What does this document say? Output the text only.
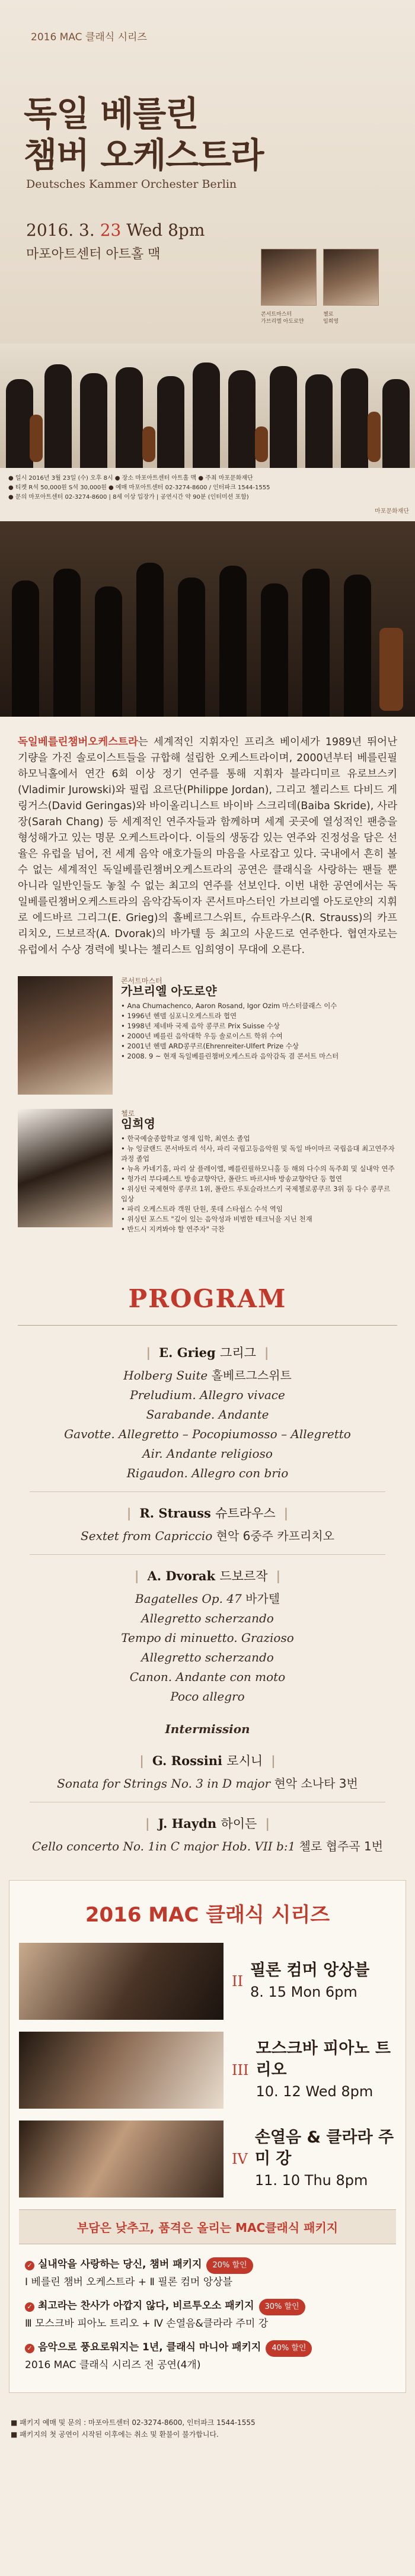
2016 MAC 클래식 시리즈
독일 베를린
챔버 오케스트라
Deutsches Kammer Orchester Berlin
2016. 3. 23 Wed 8pm
마포아트센터 아트홀 맥
콘서트마스터
가브리엘 아도로얀
첼로
임희영
● 일시 2016년 3월 23일 (수) 오후 8시 ● 장소 마포아트센터 아트홀 맥 ● 주최 마포문화재단
● 티켓 R석 50,000원 S석 30,000원 ● 예매 마포아트센터 02-3274-8600 / 인터파크 1544-1555
● 문의 마포아트센터 02-3274-8600 | 8세 이상 입장가 | 공연시간 약 90분 (인터미션 포함)
마포문화재단

독일베를린챔버오케스트라는 세계적인 지휘자인 프리츠 베이세가 1989년 뛰어난 기량을 가진 솔로이스트들을 규합해 설립한 오케스트라이며, 2000년부터 베를린필하모닉홀에서 연간 6회 이상 정기 연주를 통해 지휘자 블라디미르 유로브스키(Vladimir Jurowski)와 필립 요르단(Philippe Jordan), 그리고 첼리스트 다비드 게링거스(David Geringas)와 바이올리니스트 바이바 스크리데(Baiba Skride), 사라 장(Sarah Chang) 등 세계적인 연주자들과 함께하며 세계 곳곳에 열성적인 팬층을 형성해가고 있는 명문 오케스트라이다. 이들의 생동감 있는 연주와 진정성을 담은 선율은 유럽을 넘어, 전 세계 음악 애호가들의 마음을 사로잡고 있다. 국내에서 흔히 볼 수 없는 세계적인 독일베를린챔버오케스트라의 공연은 클래식을 사랑하는 팬들 뿐 아니라 일반인들도 놓칠 수 없는 최고의 연주를 선보인다. 이번 내한 공연에서는 독일베를린챔버오케스트라의 음악감독이자 콘서트마스터인 가브리엘 아도로얀의 지휘로 에드바르 그리그(E. Grieg)의 홀베르그스위트, 슈트라우스(R. Strauss)의 카프리치오, 드보르작(A. Dvorak)의 바가텔 등 최고의 사운드로 연주한다. 협연자로는 유럽에서 수상 경력에 빛나는 첼리스트 임희영이 무대에 오른다.

콘서트마스터
가브리엘 아도로얀
• Ana Chumachenco, Aaron Rosand, Igor Ozim 마스터클래스 이수
• 1996년 헨델 심포니오케스트라 협연
• 1998년 제네바 국제 음악 콩쿠르 Prix Suisse 수상
• 2000년 베를린 음악대학 우등 솔로이스트 학위 수여
• 2001년 헨델 ARD콩쿠르(Ehrenreiter-Ulfert Prize 수상
• 2008. 9 ~ 현재 독일베를린챔버오케스트라 음악감독 겸 콘서트 마스터
첼로
임희영
• 한국예술종합학교 영재 입학, 최연소 졸업
• 뉴 잉글랜드 콘서바토리 석사, 파리 국립고등음악원 및 독일 바이마르 국립음대 최고연주자 과정 졸업
• 뉴욕 카네기홀, 파리 살 플레이엘, 베를린필하모니홀 등 해외 다수의 독주회 및 실내악 연주
• 헝가리 부다페스트 방송교향악단, 폴란드 바르샤바 방송교향악단 등 협연
• 위싱턴 국제현악 콩쿠르 1위, 폴란드 루토슬라브스키 국제첼로콩쿠르 3위 등 다수 콩쿠르 입상
• 파리 오케스트라 객원 단원, 롯데 스타쉽스 수석 역임
• 위싱턴 포스트 "깊이 있는 음악성과 비범한 테크닉을 지닌 천재
• 반드시 지켜봐야 할 연주자" 극찬
PROGRAM
| E. Grieg 그리그 |
Holberg Suite 홀베르그스위트
Preludium. Allegro vivace
Sarabande. Andante
Gavotte. Allegretto – Pocopiumosso – Allegretto
Air. Andante religioso
Rigaudon. Allegro con brio
| R. Strauss 슈트라우스 |
Sextet from Capriccio 현악 6중주 카프리치오
| A. Dvorak 드보르작 |
Bagatelles Op. 47 바가텔
Allegretto scherzando
Tempo di minuetto. Grazioso
Allegretto scherzando
Canon. Andante con moto
Poco allegro
Intermission
| G. Rossini 로시니 |
Sonata for Strings No. 3 in D major 현악 소나타 3번
| J. Haydn 하이든 |
Cello concerto No. 1in C major Hob. VII b:1 첼로 협주곡 1번
2016 MAC 클래식 시리즈
II
필론 컴머 앙상블
8. 15 Mon 6pm
III
모스크바 피아노 트리오
10. 12 Wed 8pm
IV
손열음 & 클라라 주미 강
11. 10 Thu 8pm
부담은 낮추고, 품격은 올리는 MAC클래식 패키지
✓ 실내악을 사랑하는 당신, 챔버 패키지 20% 할인
Ⅰ 베를린 챔버 오케스트라 + Ⅱ 필론 컴머 앙상블
✓ 최고라는 찬사가 아깝지 않다, 비르투오소 패키지 30% 할인
Ⅲ 모스크바 피아노 트리오 + Ⅳ 손열음&클라라 주미 강
✓ 음악으로 풍요로워지는 1년, 클래식 마니아 패키지 40% 할인
2016 MAC 클래식 시리즈 전 공연(4개)
■ 패키지 예매 및 문의 : 마포아트센터 02-3274-8600, 인터파크 1544-1555
■ 패키지의 첫 공연이 시작된 이후에는 취소 및 환불이 불가합니다.
